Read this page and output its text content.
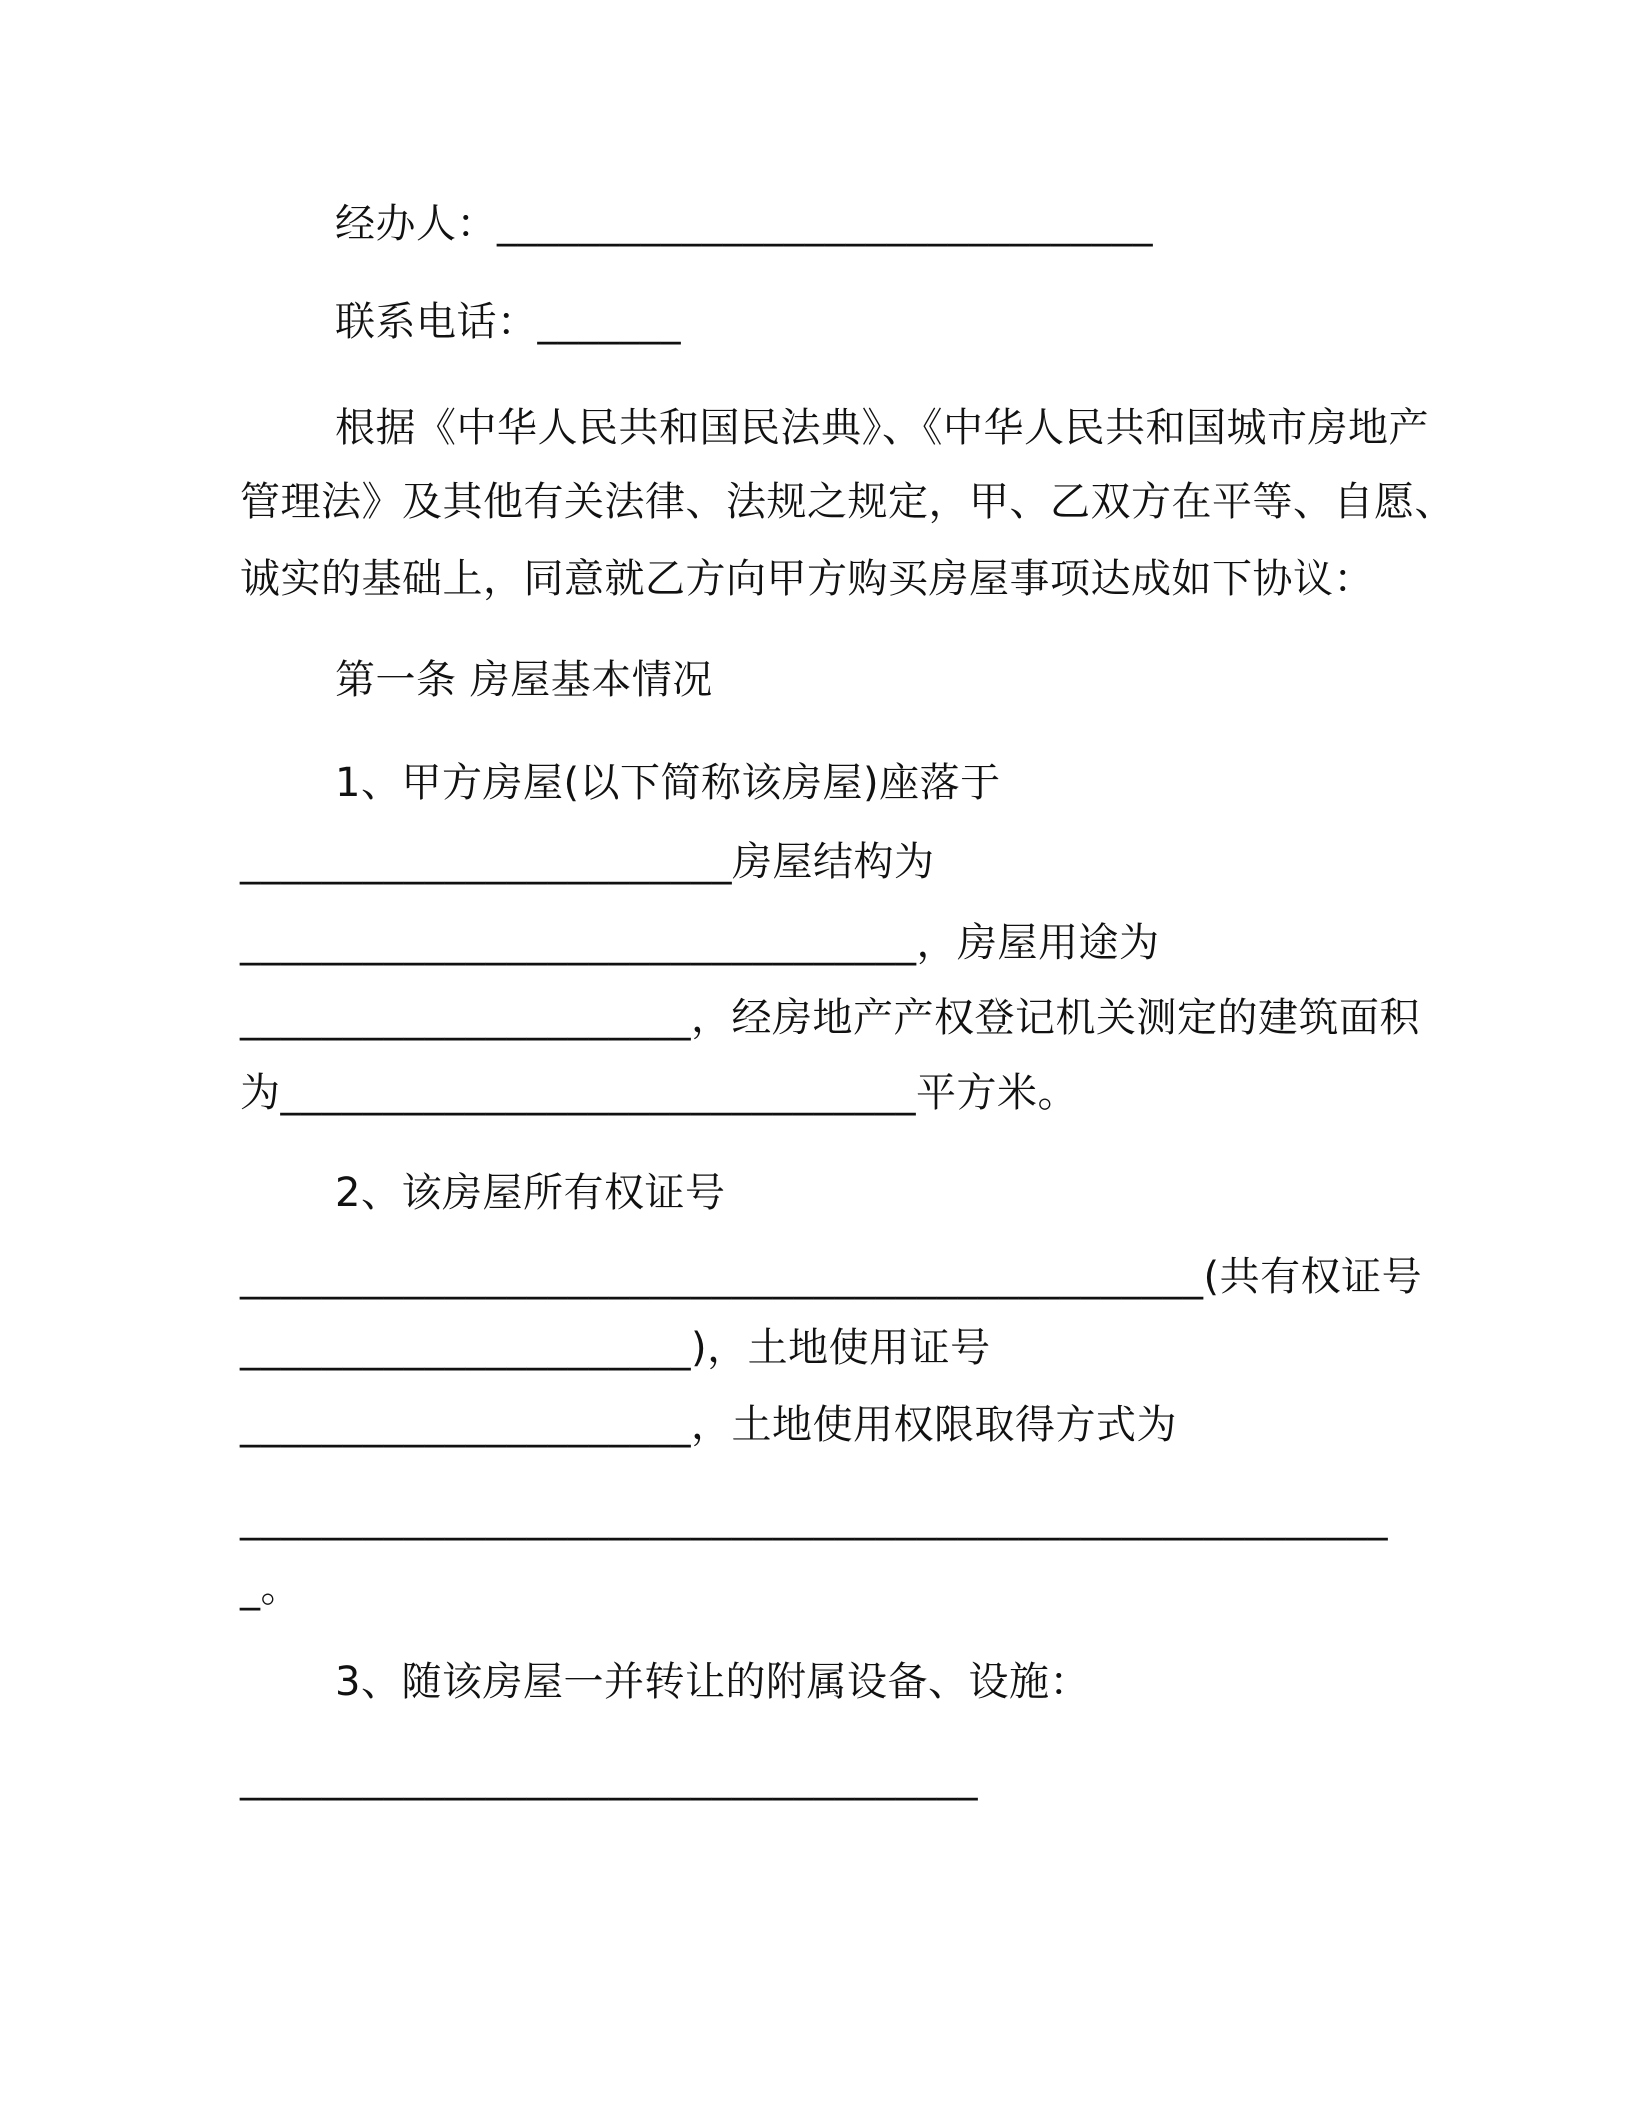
经办人：________________________________
联系电话：_______
根据《中华人民共和国民法典》、《中华人民共和国城市房地产
管理法》及其他有关法律、法规之规定，甲、乙双方在平等、自愿、
诚实的基础上，同意就乙方向甲方购买房屋事项达成如下协议：
第一条 房屋基本情况
1、甲方房屋(以下简称该房屋)座落于
________________________房屋结构为
_________________________________，房屋用途为
______________________，经房地产产权登记机关测定的建筑面积
为_______________________________平方米。
2、该房屋所有权证号
_______________________________________________(共有权证号
______________________)，土地使用证号
______________________，土地使用权限取得方式为
________________________________________________________
_。
3、随该房屋一并转让的附属设备、设施：
____________________________________
